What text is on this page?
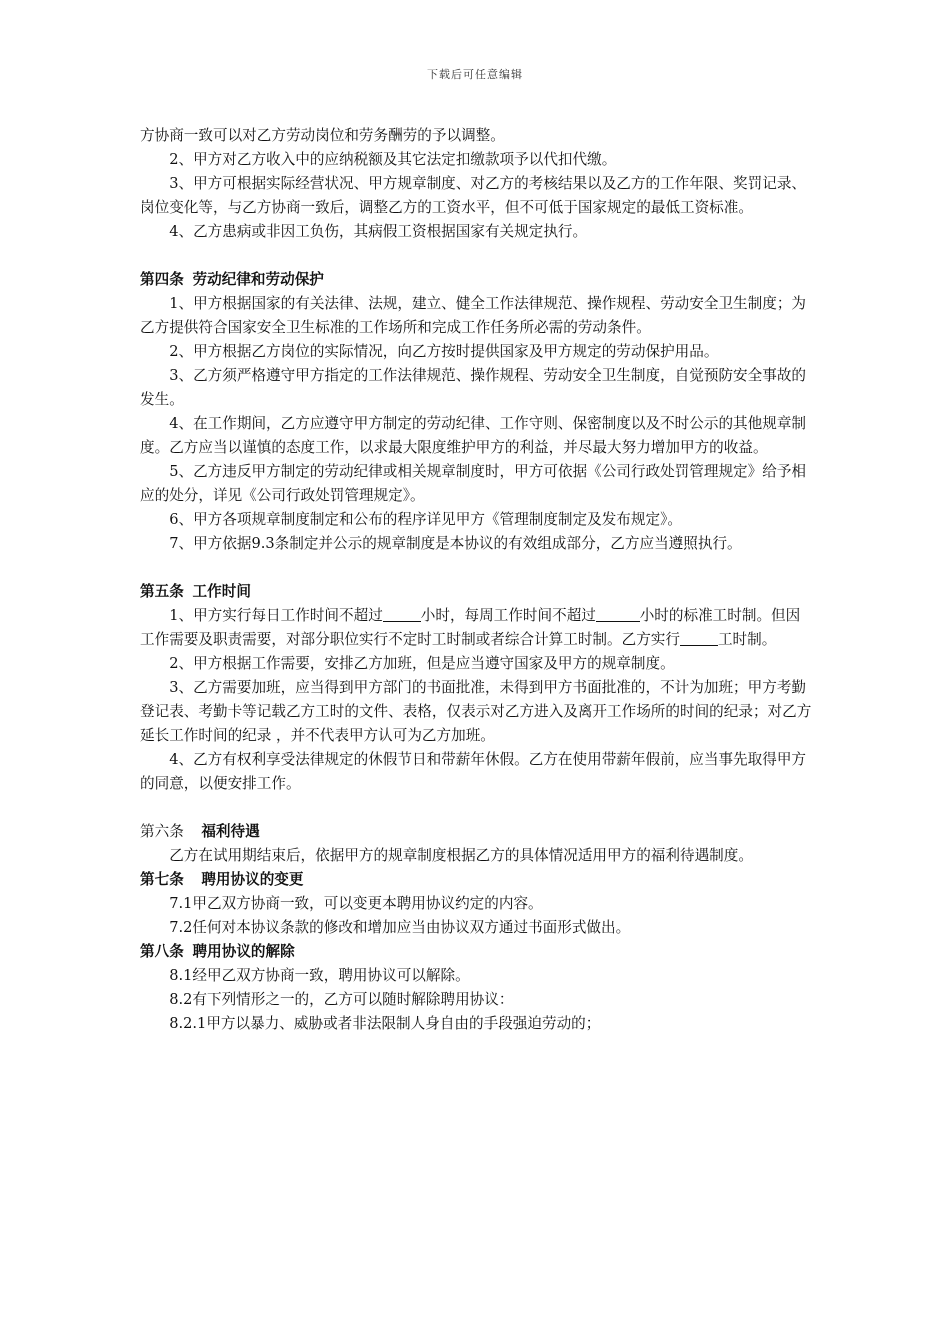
下载后可任意编辑

方协商一致可以对乙方劳动岗位和劳务酬劳的予以调整。

2、甲方对乙方收入中的应纳税额及其它法定扣缴款项予以代扣代缴。

3、甲方可根据实际经营状况、甲方规章制度、对乙方的考核结果以及乙方的工作年限、奖罚记录、岗位变化等，与乙方协商一致后，调整乙方的工资水平，但不可低于国家规定的最低工资标准。

4、乙方患病或非因工负伤，其病假工资根据国家有关规定执行。

第四条 劳动纪律和劳动保护

1、甲方根据国家的有关法律、法规，建立、健全工作法律规范、操作规程、劳动安全卫生制度；为乙方提供符合国家安全卫生标准的工作场所和完成工作任务所必需的劳动条件。

2、甲方根据乙方岗位的实际情况，向乙方按时提供国家及甲方规定的劳动保护用品。

3、乙方须严格遵守甲方指定的工作法律规范、操作规程、劳动安全卫生制度，自觉预防安全事故的发生。

4、在工作期间，乙方应遵守甲方制定的劳动纪律、工作守则、保密制度以及不时公示的其他规章制度。乙方应当以谨慎的态度工作，以求最大限度维护甲方的利益，并尽最大努力增加甲方的收益。

5、乙方违反甲方制定的劳动纪律或相关规章制度时，甲方可依据《公司行政处罚管理规定》给予相应的处分，详见《公司行政处罚管理规定》。

6、甲方各项规章制度制定和公布的程序详见甲方《管理制度制定及发布规定》。

7、甲方依据9.3条制定并公示的规章制度是本协议的有效组成部分，乙方应当遵照执行。

第五条 工作时间

1、甲方实行每日工作时间不超过	小时，每周工作时间不超过	小时的标准工时制。但因工作需要及职责需要，对部分职位实行不定时工时制或者综合计算工时制。乙方实行	工时制。

2、甲方根据工作需要，安排乙方加班，但是应当遵守国家及甲方的规章制度。

3、乙方需要加班，应当得到甲方部门的书面批准，未得到甲方书面批准的，不计为加班；甲方考勤登记表、考勤卡等记载乙方工时的文件、表格，仅表示对乙方进入及离开工作场所的时间的纪录；对乙方延长工作时间的纪录 ，并不代表甲方认可为乙方加班。

4、乙方有权利享受法律规定的休假节日和带薪年休假。乙方在使用带薪年假前，应当事先取得甲方的同意，以便安排工作。

第六条 福利待遇

乙方在试用期结束后，依据甲方的规章制度根据乙方的具体情况适用甲方的福利待遇制度。

第七条 聘用协议的变更

7.1甲乙双方协商一致，可以变更本聘用协议约定的内容。

7.2任何对本协议条款的修改和增加应当由协议双方通过书面形式做出。

第八条 聘用协议的解除

8.1经甲乙双方协商一致，聘用协议可以解除。

8.2有下列情形之一的，乙方可以随时解除聘用协议：

8.2.1甲方以暴力、威胁或者非法限制人身自由的手段强迫劳动的；
